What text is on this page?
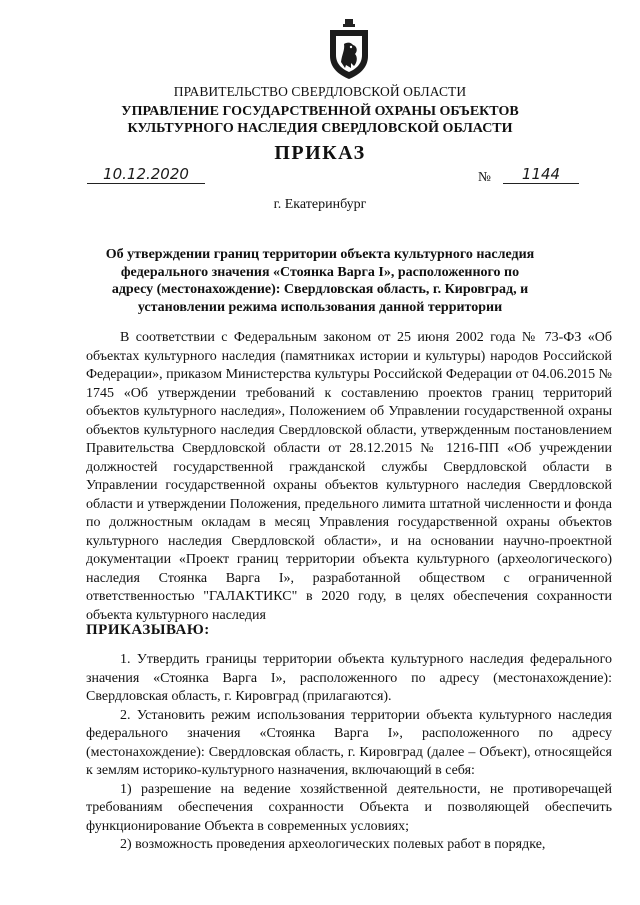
ПРАВИТЕЛЬСТВО СВЕРДЛОВСКОЙ ОБЛАСТИ
УПРАВЛЕНИЕ ГОСУДАРСТВЕННОЙ ОХРАНЫ ОБЪЕКТОВ КУЛЬТУРНОГО НАСЛЕДИЯ СВЕРДЛОВСКОЙ ОБЛАСТИ
ПРИКАЗ
10.12.2020	№	1144
г. Екатеринбург
Об утверждении границ территории объекта культурного наследия федерального значения «Стоянка Варга I», расположенного по адресу (местонахождение): Свердловская область, г. Кировград, и установлении режима использования данной территории

В соответствии с Федеральным законом от 25 июня 2002 года № 73-ФЗ «Об объектах культурного наследия (памятниках истории и культуры) народов Российской Федерации», приказом Министерства культуры Российской Федерации от 04.06.2015 № 1745 «Об утверждении требований к составлению проектов границ территорий объектов культурного наследия», Положением об Управлении государственной охраны объектов культурного наследия Свердловской области, утвержденным постановлением Правительства Свердловской области от 28.12.2015 № 1216-ПП «Об учреждении должностей государственной гражданской службы Свердловской области в Управлении государственной охраны объектов культурного наследия Свердловской области и утверждении Положения, предельного лимита штатной численности и фонда по должностным окладам в месяц Управления государственной охраны объектов культурного наследия Свердловской области», и на основании научно-проектной документации «Проект границ территории объекта культурного (археологического) наследия Стоянка Варга I», разработанной обществом с ограниченной ответственностью "ГАЛАКТИКС" в 2020 году, в целях обеспечения сохранности объекта культурного наследия

ПРИКАЗЫВАЮ:

1. Утвердить границы территории объекта культурного наследия федерального значения «Стоянка Варга I», расположенного по адресу (местонахождение): Свердловская область, г. Кировград (прилагаются).

2. Установить режим использования территории объекта культурного наследия федерального значения «Стоянка Варга I», расположенного по адресу (местонахождение): Свердловская область, г. Кировград (далее – Объект), относящейся к землям историко-культурного назначения, включающий в себя:

1) разрешение на ведение хозяйственной деятельности, не противоречащей требованиям обеспечения сохранности Объекта и позволяющей обеспечить функционирование Объекта в современных условиях;

2) возможность проведения археологических полевых работ в порядке,
